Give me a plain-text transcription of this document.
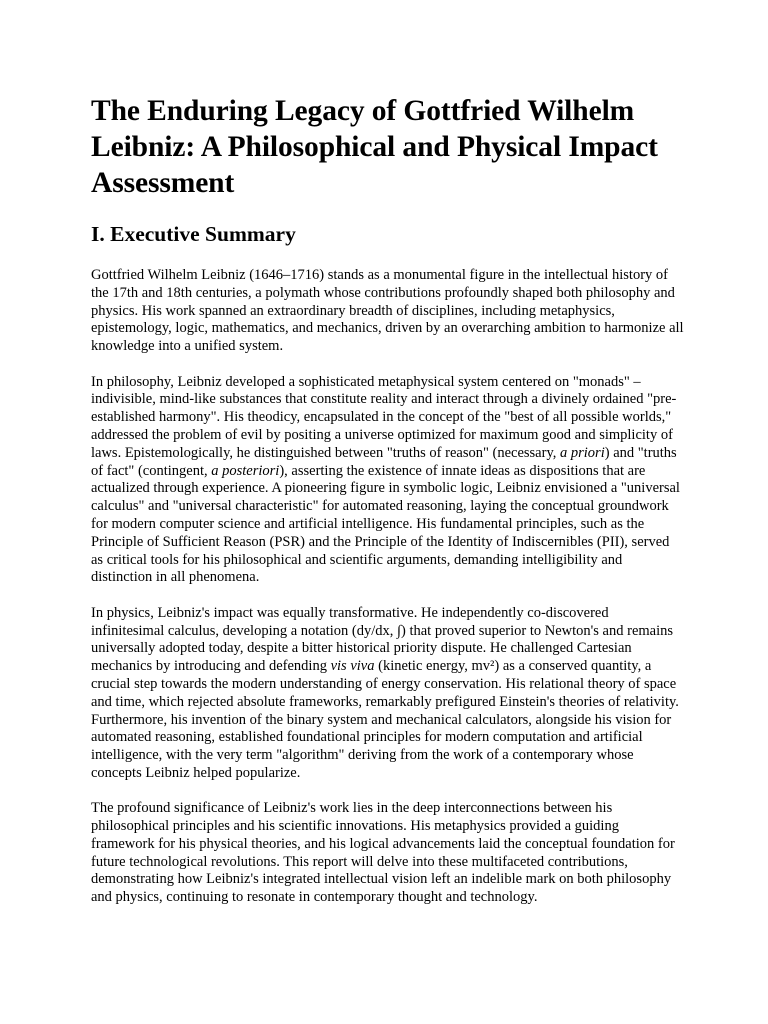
The Enduring Legacy of Gottfried Wilhelm Leibniz: A Philosophical and Physical Impact Assessment
I. Executive Summary

Gottfried Wilhelm Leibniz (1646–1716) stands as a monumental figure in the intellectual history of the 17th and 18th centuries, a polymath whose contributions profoundly shaped both philosophy and physics. His work spanned an extraordinary breadth of disciplines, including metaphysics, epistemology, logic, mathematics, and mechanics, driven by an overarching ambition to harmonize all knowledge into a unified system.

In philosophy, Leibniz developed a sophisticated metaphysical system centered on "monads" – indivisible, mind-like substances that constitute reality and interact through a divinely ordained "pre-established harmony". His theodicy, encapsulated in the concept of the "best of all possible worlds," addressed the problem of evil by positing a universe optimized for maximum good and simplicity of laws. Epistemologically, he distinguished between "truths of reason" (necessary, a priori) and "truths of fact" (contingent, a posteriori), asserting the existence of innate ideas as dispositions that are actualized through experience. A pioneering figure in symbolic logic, Leibniz envisioned a "universal calculus" and "universal characteristic" for automated reasoning, laying the conceptual groundwork for modern computer science and artificial intelligence. His fundamental principles, such as the Principle of Sufficient Reason (PSR) and the Principle of the Identity of Indiscernibles (PII), served as critical tools for his philosophical and scientific arguments, demanding intelligibility and distinction in all phenomena.

In physics, Leibniz's impact was equally transformative. He independently co-discovered infinitesimal calculus, developing a notation (dy/dx, ∫) that proved superior to Newton's and remains universally adopted today, despite a bitter historical priority dispute. He challenged Cartesian mechanics by introducing and defending vis viva (kinetic energy, mv²) as a conserved quantity, a crucial step towards the modern understanding of energy conservation. His relational theory of space and time, which rejected absolute frameworks, remarkably prefigured Einstein's theories of relativity. Furthermore, his invention of the binary system and mechanical calculators, alongside his vision for automated reasoning, established foundational principles for modern computation and artificial intelligence, with the very term "algorithm" deriving from the work of a contemporary whose concepts Leibniz helped popularize.

The profound significance of Leibniz's work lies in the deep interconnections between his philosophical principles and his scientific innovations. His metaphysics provided a guiding framework for his physical theories, and his logical advancements laid the conceptual foundation for future technological revolutions. This report will delve into these multifaceted contributions, demonstrating how Leibniz's integrated intellectual vision left an indelible mark on both philosophy and physics, continuing to resonate in contemporary thought and technology.
